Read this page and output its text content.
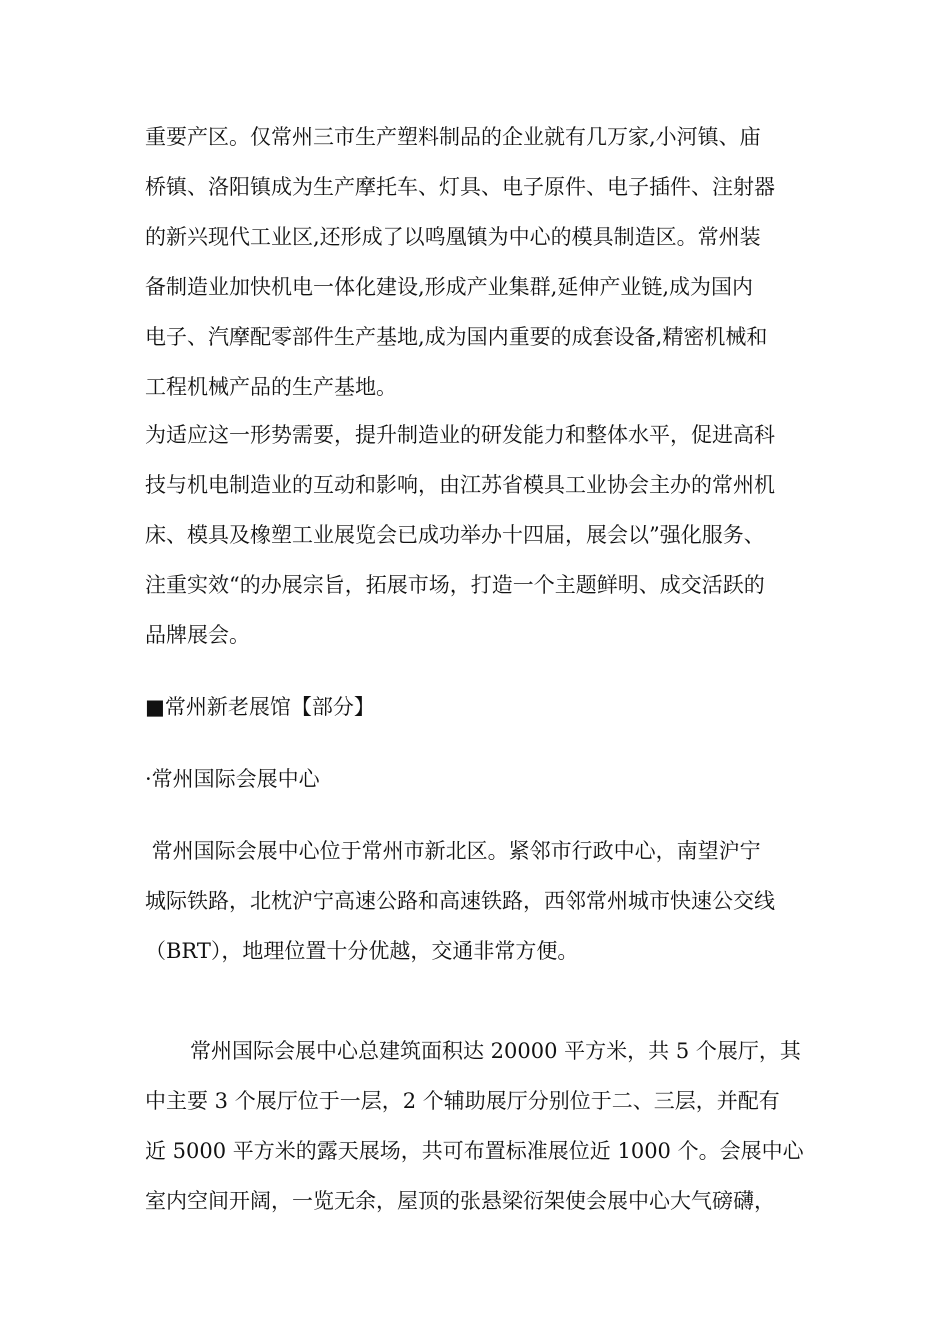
重要产区。仅常州三市生产塑料制品的企业就有几万家,小河镇、庙
桥镇、洛阳镇成为生产摩托车、灯具、电子原件、电子插件、注射器
的新兴现代工业区,还形成了以鸣凰镇为中心的模具制造区。常州装
备制造业加快机电一体化建设,形成产业集群,延伸产业链,成为国内
电子、汽摩配零部件生产基地,成为国内重要的成套设备,精密机械和
工程机械产品的生产基地。
为适应这一形势需要，提升制造业的研发能力和整体水平，促进高科
技与机电制造业的互动和影响，由江苏省模具工业协会主办的常州机
床、模具及橡塑工业展览会已成功举办十四届，展会以”强化服务、
注重实效“的办展宗旨，拓展市场，打造一个主题鲜明、成交活跃的
品牌展会。
■常州新老展馆【部分】
·常州国际会展中心
常州国际会展中心位于常州市新北区。紧邻市行政中心，南望沪宁
城际铁路，北枕沪宁高速公路和高速铁路，西邻常州城市快速公交线
（BRT），地理位置十分优越，交通非常方便。
常州国际会展中心总建筑面积达 20000 平方米，共 5 个展厅，其
中主要 3 个展厅位于一层，2 个辅助展厅分别位于二、三层，并配有
近 5000 平方米的露天展场，共可布置标准展位近 1000 个。会展中心
室内空间开阔，一览无余，屋顶的张悬梁衍架使会展中心大气磅礴，
